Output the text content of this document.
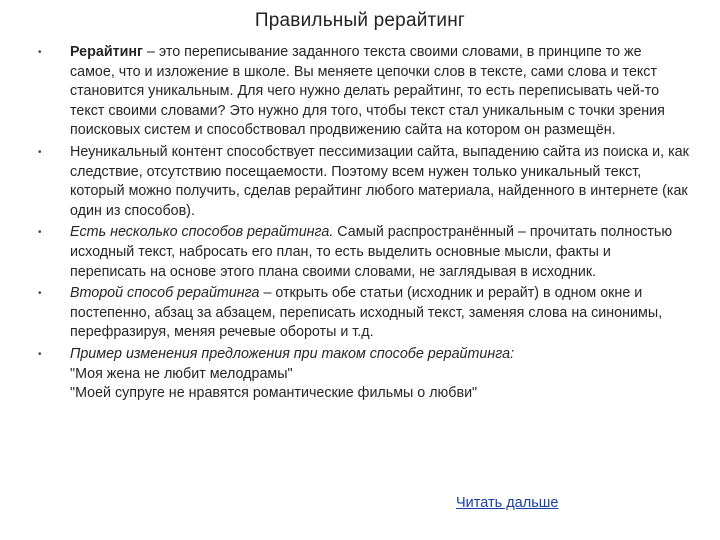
Правильный рерайтинг
•	Рерайтинг – это переписывание заданного текста своими словами, в принципе то же самое, что и изложение в школе. Вы меняете цепочки слов в тексте, сами слова и текст становится уникальным. Для чего нужно делать рерайтинг, то есть переписывать чей-то текст своими словами? Это нужно для того, чтобы текст стал уникальным с точки зрения поисковых систем и способствовал продвижению сайта на котором он размещён.
•	Неуникальный контент способствует пессимизации сайта, выпадению сайта из поиска и, как следствие, отсутствию посещаемости. Поэтому всем нужен только уникальный текст, который можно получить, сделав рерайтинг любого материала, найденного в интернете (как один из способов).
•	Есть несколько способов рерайтинга. Самый распространённый – прочитать полностью исходный текст, набросать его план, то есть выделить основные мысли, факты и переписать на основе этого плана своими словами, не заглядывая в исходник.
•	Второй способ рерайтинга – открыть обе статьи (исходник и рерайт) в одном окне и постепенно, абзац за абзацем, переписать исходный текст, заменяя слова на синонимы, перефразируя, меняя речевые обороты и т.д.
•	Пример изменения предложения при таком способе рерайтинга:

"Моя жена не любит мелодрамы"

"Моей супруге не нравятся романтические фильмы о любви"

Читать дальше
